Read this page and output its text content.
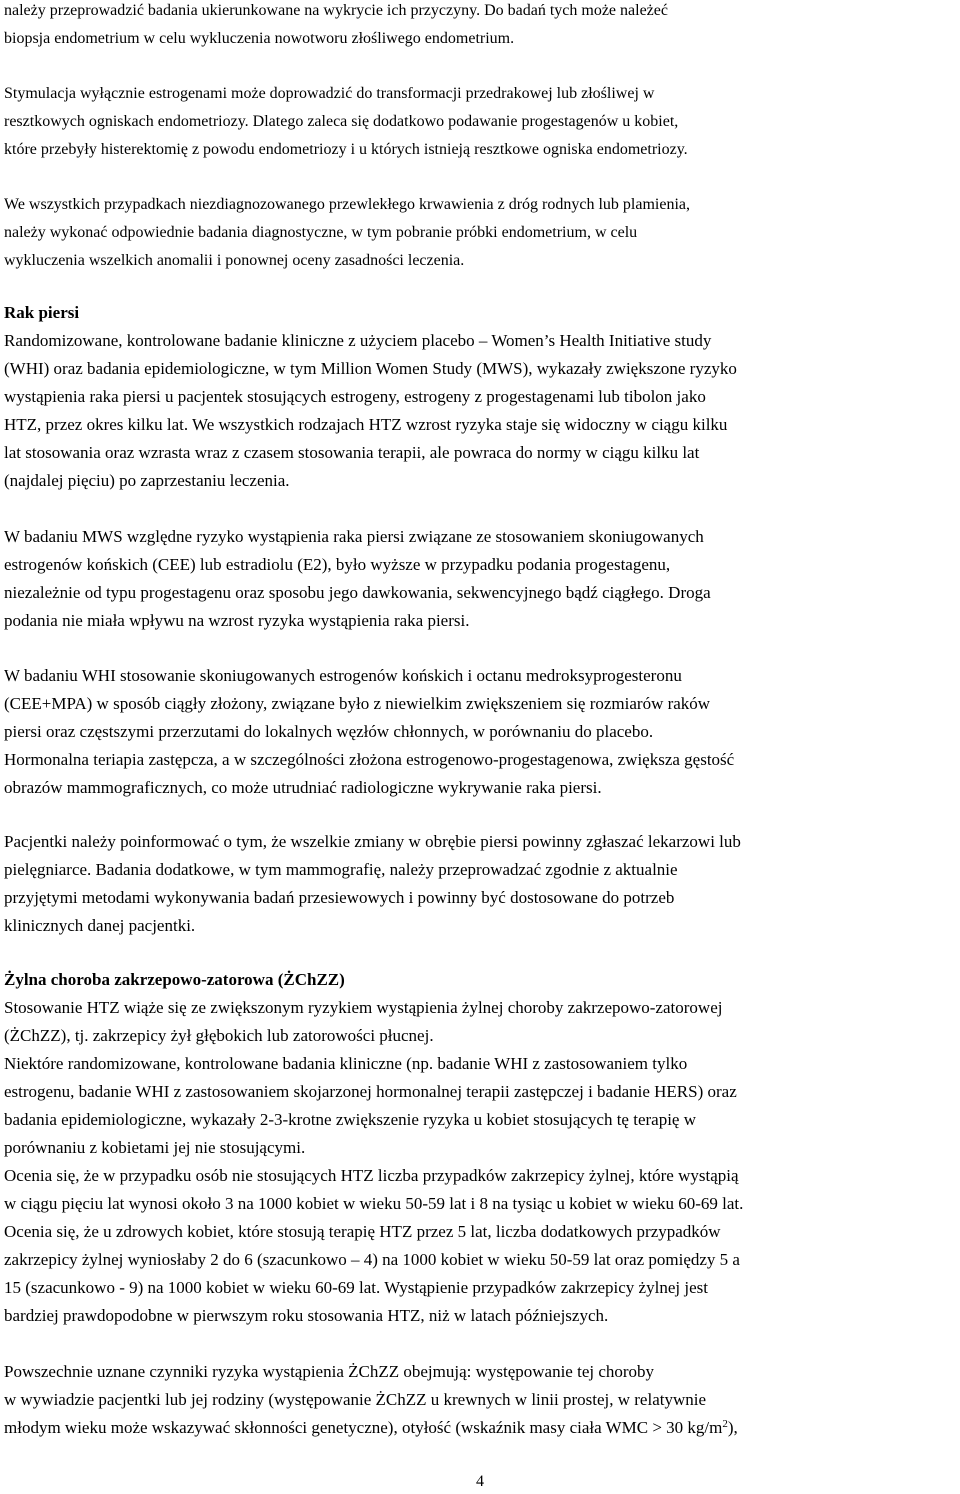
należy przeprowadzić badania ukierunkowane na wykrycie ich przyczyny. Do badań tych może należeć
biopsja endometrium w celu wykluczenia nowotworu złośliwego endometrium.

Stymulacja wyłącznie estrogenami może doprowadzić do transformacji przedrakowej lub złośliwej w
resztkowych ogniskach endometriozy. Dlatego zaleca się dodatkowo podawanie progestagenów u kobiet,
które przebyły histerektomię z powodu endometriozy i u których istnieją resztkowe ogniska endometriozy.

We wszystkich przypadkach niezdiagnozowanego przewlekłego krwawienia z dróg rodnych lub plamienia,
należy wykonać odpowiednie badania diagnostyczne, w tym pobranie próbki endometrium, w celu
wykluczenia wszelkich anomalii i ponownej oceny zasadności leczenia.

Rak piersi

Randomizowane, kontrolowane badanie kliniczne z użyciem placebo – Women’s Health Initiative study
(WHI) oraz badania epidemiologiczne, w tym Million Women Study (MWS), wykazały zwiększone ryzyko
wystąpienia raka piersi u pacjentek stosujących estrogeny, estrogeny z progestagenami lub tibolon jako
HTZ, przez okres kilku lat. We wszystkich rodzajach HTZ wzrost ryzyka staje się widoczny w ciągu kilku
lat stosowania oraz wzrasta wraz z czasem stosowania terapii, ale powraca do normy w ciągu kilku lat
(najdalej pięciu) po zaprzestaniu leczenia.

W badaniu MWS względne ryzyko wystąpienia raka piersi związane ze stosowaniem skoniugowanych
estrogenów końskich (CEE) lub estradiolu (E2), było wyższe w przypadku podania progestagenu,
niezależnie od typu progestagenu oraz sposobu jego dawkowania, sekwencyjnego bądź ciągłego. Droga
podania nie miała wpływu na wzrost ryzyka wystąpienia raka piersi.

W badaniu WHI stosowanie skoniugowanych estrogenów końskich i octanu medroksyprogesteronu
(CEE+MPA) w sposób ciągły złożony, związane było z niewielkim zwiększeniem się rozmiarów raków
piersi oraz częstszymi przerzutami do lokalnych węzłów chłonnych, w porównaniu do placebo.
Hormonalna teriapia zastępcza, a w szczególności złożona estrogenowo-progestagenowa, zwiększa gęstość
obrazów mammograficznych, co może utrudniać radiologiczne wykrywanie raka piersi.

Pacjentki należy poinformować o tym, że wszelkie zmiany w obrębie piersi powinny zgłaszać lekarzowi lub
pielęgniarce. Badania dodatkowe, w tym mammografię, należy przeprowadzać zgodnie z aktualnie
przyjętymi metodami wykonywania badań przesiewowych i powinny być dostosowane do potrzeb
klinicznych danej pacjentki.

Żylna choroba zakrzepowo-zatorowa (ŻChZZ)

Stosowanie HTZ wiąże się ze zwiększonym ryzykiem wystąpienia żylnej choroby zakrzepowo-zatorowej
(ŻChZZ), tj. zakrzepicy żył głębokich lub zatorowości płucnej.
Niektóre randomizowane, kontrolowane badania kliniczne (np. badanie WHI z zastosowaniem tylko
estrogenu, badanie WHI z zastosowaniem skojarzonej hormonalnej terapii zastępczej i badanie HERS) oraz
badania epidemiologiczne, wykazały 2-3-krotne zwiększenie ryzyka u kobiet stosujących tę terapię w
porównaniu z kobietami jej nie stosującymi.
Ocenia się, że w przypadku osób nie stosujących HTZ liczba przypadków zakrzepicy żylnej, które wystąpią
w ciągu pięciu lat wynosi około 3 na 1000 kobiet w wieku 50-59 lat i 8 na tysiąc u kobiet w wieku 60-69 lat.
Ocenia się, że u zdrowych kobiet, które stosują terapię HTZ przez 5 lat, liczba dodatkowych przypadków
zakrzepicy żylnej wyniosłaby 2 do 6 (szacunkowo – 4) na 1000 kobiet w wieku 50-59 lat oraz pomiędzy 5 a
15 (szacunkowo - 9) na 1000 kobiet w wieku 60-69 lat. Wystąpienie przypadków zakrzepicy żylnej jest
bardziej prawdopodobne w pierwszym roku stosowania HTZ, niż w latach późniejszych.

Powszechnie uznane czynniki ryzyka wystąpienia ŻChZZ obejmują: występowanie tej choroby
w wywiadzie pacjentki lub jej rodziny (występowanie ŻChZZ u krewnych w linii prostej, w relatywnie
młodym wieku może wskazywać skłonności genetyczne), otyłość (wskaźnik masy ciała WMC > 30 $kg/m^2$),

4
